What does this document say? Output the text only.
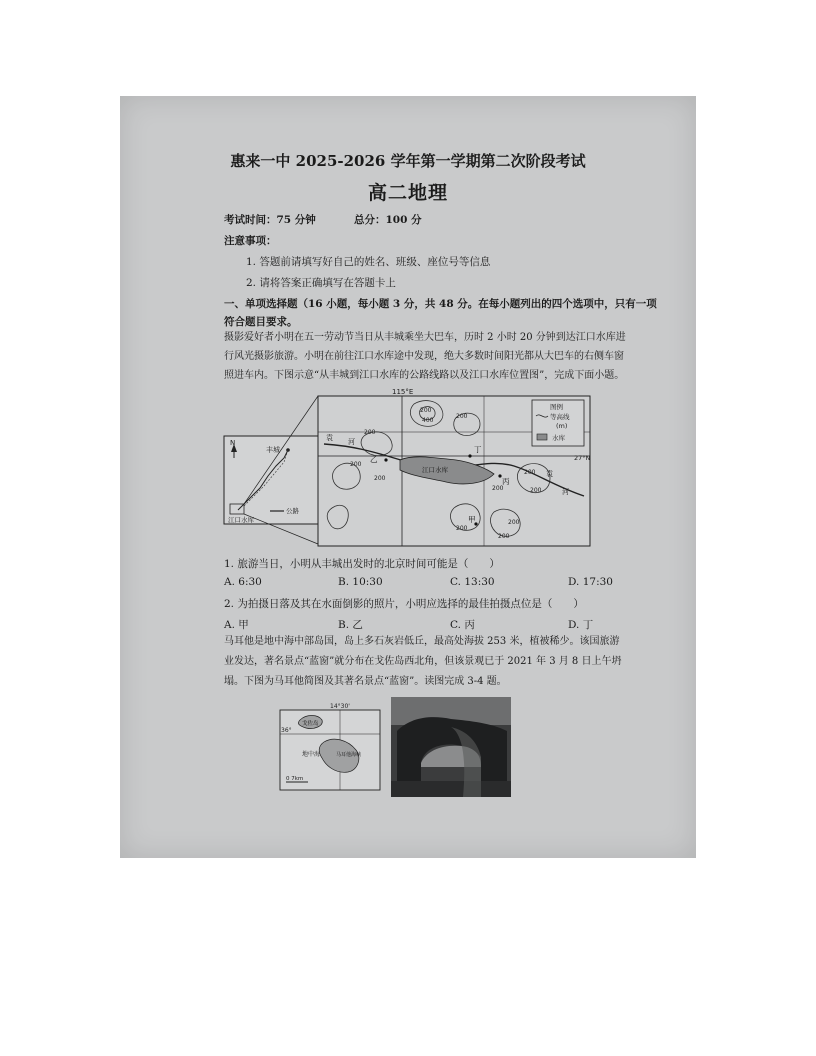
惠来一中 2025-2026 学年第一学期第二次阶段考试
高二地理
考试时间：75 分钟	总分：100 分
注意事项：
1. 答题前请填写好自己的姓名、班级、座位号等信息
2. 请将答案正确填写在答题卡上
一、单项选择题（16 小题，每小题 3 分，共 48 分。在每小题列出的四个选项中，只有一项
符合题目要求。
摄影爱好者小明在五一劳动节当日从丰城乘坐大巴车，历时 2 小时 20 分钟到达江口水库进
行风光摄影旅游。小明在前往江口水库途中发现，绝大多数时间阳光都从大巴车的右侧车窗
照进车内。下图示意“从丰城到江口水库的公路线路以及江口水库位置图”，完成下面小题。
N
丰城
江口水库
公路
115°E
27°N
江口水库
袁 河
袁
河
200
400
200
200
200
200
200
200
200
200
200
200
乙
丁
丙
甲
图例
等高线
(m)
水库
1. 旅游当日，小明从丰城出发时的北京时间可能是（　　）
A. 6:30	B. 10:30	C. 13:30	D. 17:30
2. 为拍摄日落及其在水面倒影的照片，小明应选择的最佳拍摄点位是（　　）
A. 甲	B. 乙	C. 丙	D. 丁
马耳他是地中海中部岛国，岛上多石灰岩低丘，最高处海拔 253 米，植被稀少。该国旅游
业发达，著名景点“蓝窗”就分布在戈佐岛西北角，但该景观已于 2021 年 3 月 8 日上午坍
塌。下图为马耳他简图及其著名景点“蓝窗”。读图完成 3-4 题。
14°30'
36°
戈佐岛
马耳他海峡
地中海
0 7km
